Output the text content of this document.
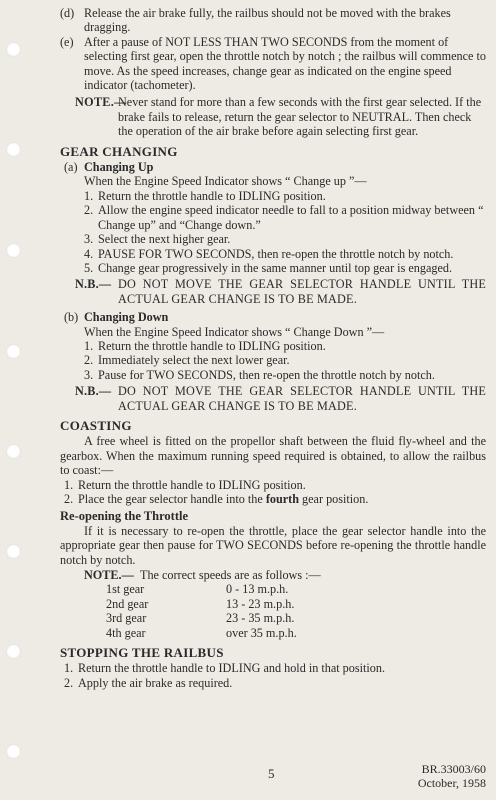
(d) Release the air brake fully, the railbus should not be moved with the brakes dragging.
(e) After a pause of NOT LESS THAN TWO SECONDS from the moment of selecting first gear, open the throttle notch by notch ; the railbus will commence to move. As the speed increases, change gear as indicated on the engine speed indicator (tachometer).
NOTE.—
Never stand for more than a few seconds with the first gear selected. If the brake fails to release, return the gear selector to NEUTRAL. Then check the operation of the air brake before again selecting first gear.
GEAR CHANGING
(a) Changing Up
When the Engine Speed Indicator shows “ Change up ”—
1. Return the throttle handle to IDLING position.
2. Allow the engine speed indicator needle to fall to a position midway between “ Change up” and “Change down.”
3. Select the next higher gear.
4. PAUSE FOR TWO SECONDS, then re-open the throttle notch by notch.
5. Change gear progressively in the same manner until top gear is engaged.
N.B.— DO NOT MOVE THE GEAR SELECTOR HANDLE UNTIL THE ACTUAL GEAR CHANGE IS TO BE MADE.
(b) Changing Down
When the Engine Speed Indicator shows “ Change Down ”—
1. Return the throttle handle to IDLING position.
2. Immediately select the next lower gear.
3. Pause for TWO SECONDS, then re-open the throttle notch by notch.
N.B.— DO NOT MOVE THE GEAR SELECTOR HANDLE UNTIL THE ACTUAL GEAR CHANGE IS TO BE MADE.
COASTING
A free wheel is fitted on the propellor shaft between the fluid fly-wheel and the gearbox. When the maximum running speed required is obtained, to allow the railbus to coast:—
1. Return the throttle handle to IDLING position.
2. Place the gear selector handle into the fourth gear position.
Re-opening the Throttle
If it is necessary to re-open the throttle, place the gear selector handle into the appropriate gear then pause for TWO SECONDS before re-opening the throttle handle notch by notch.
NOTE.— The correct speeds are as follows :—
1st gear	0 - 13 m.p.h.
2nd gear	13 - 23 m.p.h.
3rd gear	23 - 35 m.p.h.
4th gear	over 35 m.p.h.
STOPPING THE RAILBUS
1. Return the throttle handle to IDLING and hold in that position.
2. Apply the air brake as required.
5	BR.33003/60
October, 1958
